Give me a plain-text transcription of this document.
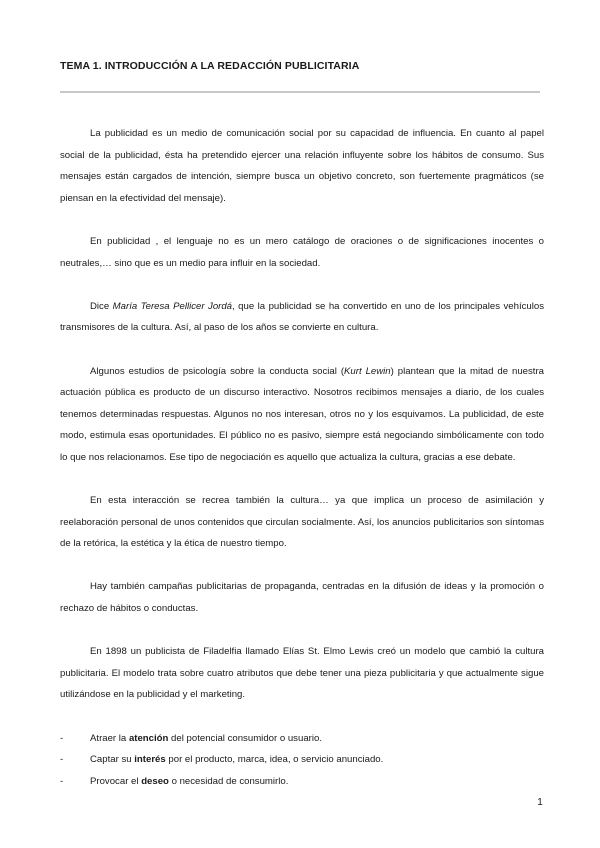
TEMA 1. INTRODUCCIÓN A LA REDACCIÓN PUBLICITARIA

La publicidad es un medio de comunicación social por su capacidad de influencia. En cuanto al papel social de la publicidad, ésta ha pretendido ejercer una relación influyente sobre los hábitos de consumo. Sus mensajes están cargados de intención, siempre busca un objetivo concreto, son fuertemente pragmáticos (se piensan en la efectividad del mensaje).

En publicidad , el lenguaje no es un mero catálogo de oraciones o de significaciones inocentes o neutrales,… sino que es un medio para influir en la sociedad.

Dice María Teresa Pellicer Jordá, que la publicidad se ha convertido en uno de los principales vehículos transmisores de la cultura. Así, al paso de los años se convierte en cultura.

Algunos estudios de psicología sobre la conducta social (Kurt Lewin) plantean que la mitad de nuestra actuación pública es producto de un discurso interactivo. Nosotros recibimos mensajes a diario, de los cuales tenemos determinadas respuestas. Algunos no nos interesan, otros no y los esquivamos. La publicidad, de este modo, estimula esas oportunidades. El público no es pasivo, siempre está negociando simbólicamente con todo lo que nos relacionamos. Ese tipo de negociación es aquello que actualiza la cultura, gracias a ese debate.

En esta interacción se recrea también la cultura… ya que implica un proceso de asimilación y reelaboración personal de unos contenidos que circulan socialmente. Así, los anuncios publicitarios son síntomas de la retórica, la estética y la ética de nuestro tiempo.

Hay también campañas publicitarias de propaganda, centradas en la difusión de ideas y la promoción o rechazo de hábitos o conductas.

En 1898 un publicista de Filadelfia llamado Elías St. Elmo Lewis creó un modelo que cambió la cultura publicitaria. El modelo trata sobre cuatro atributos que debe tener una pieza publicitaria y que actualmente sigue utilizándose en la publicidad y el marketing.

-	Atraer la atención del potencial consumidor o usuario.
-	Captar su interés por el producto, marca, idea, o servicio anunciado.
-	Provocar el deseo o necesidad de consumirlo.
1
